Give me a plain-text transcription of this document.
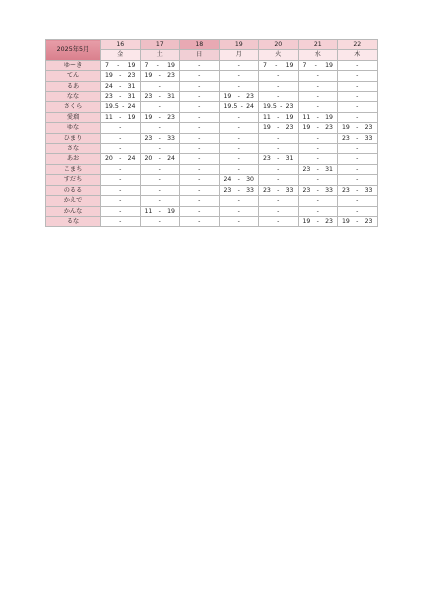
2025年5月	16	17	18	19	20	21	22
	金	土	日	月	火	水	木
ゆーき	7 - 19	7 - 19	-	-	7 - 19	7 - 19	-

てん	19 - 23	19 - 23	-	-	-	-	-

るあ	24 - 31	-	-	-	-	-	-

なな	23 - 31	23 - 31	-	19 - 23	-	-	-

さくら	19.5 - 24	-	-	19.5 - 24	19.5 - 23	-	-

愛瑠	11 - 19	19 - 23	-	-	11 - 19	11 - 19	-

ゆな	-	-	-	-	19 - 23	19 - 23	19 - 23

ひまり	-	23 - 33	-	-	-	-	23 - 33

さな	-	-	-	-	-	-	-

あお	20 - 24	20 - 24	-	-	23 - 31	-	-

こまち	-	-	-	-	-	23 - 31	-

すだち	-	-	-	24 - 30	-	-	-

のるる	-	-	-	23 - 33	23 - 33	23 - 33	23 - 33

かえで	-	-	-	-	-	-	-

かんな	-	11 - 19	-	-	-	-	-

るな	-	-	-	-	-	19 - 23	19 - 23
